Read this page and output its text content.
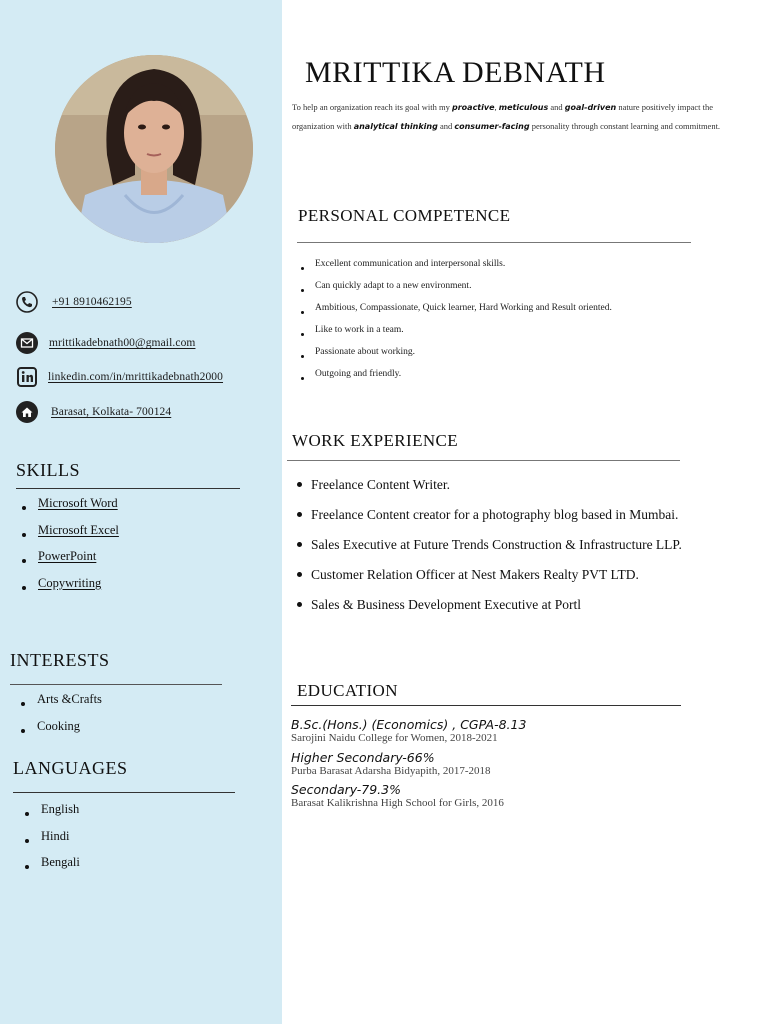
+91 8910462195
mrittikadebnath00@gmail.com
linkedin.com/in/mrittikadebnath2000
Barasat, Kolkata- 700124
SKILLS
Microsoft Word
Microsoft Excel
PowerPoint
Copywriting
INTERESTS
Arts &Crafts
Cooking
LANGUAGES
English
Hindi
Bengali
MRITTIKA DEBNATH
To help an organization reach its goal with my proactive, meticulous and goal-driven nature positively impact the organization with analytical thinking and consumer-facing personality through constant learning and commitment.
PERSONAL COMPETENCE
Excellent communication and interpersonal skills.
Can quickly adapt to a new environment.
Ambitious, Compassionate, Quick learner, Hard Working and Result oriented.
Like to work in a team.
Passionate about working.
Outgoing and friendly.
WORK EXPERIENCE
Freelance Content Writer.
Freelance Content creator for a photography blog based in Mumbai.
Sales Executive at Future Trends Construction & Infrastructure LLP.
Customer Relation Officer at Nest Makers Realty PVT LTD.
Sales & Business Development Executive at Portl
EDUCATION
B.Sc.(Hons.) (Economics) , CGPA-8.13
Sarojini Naidu College for Women, 2018-2021
Higher Secondary-66%
Purba Barasat Adarsha Bidyapith, 2017-2018
Secondary-79.3%
Barasat Kalikrishna High School for Girls, 2016
